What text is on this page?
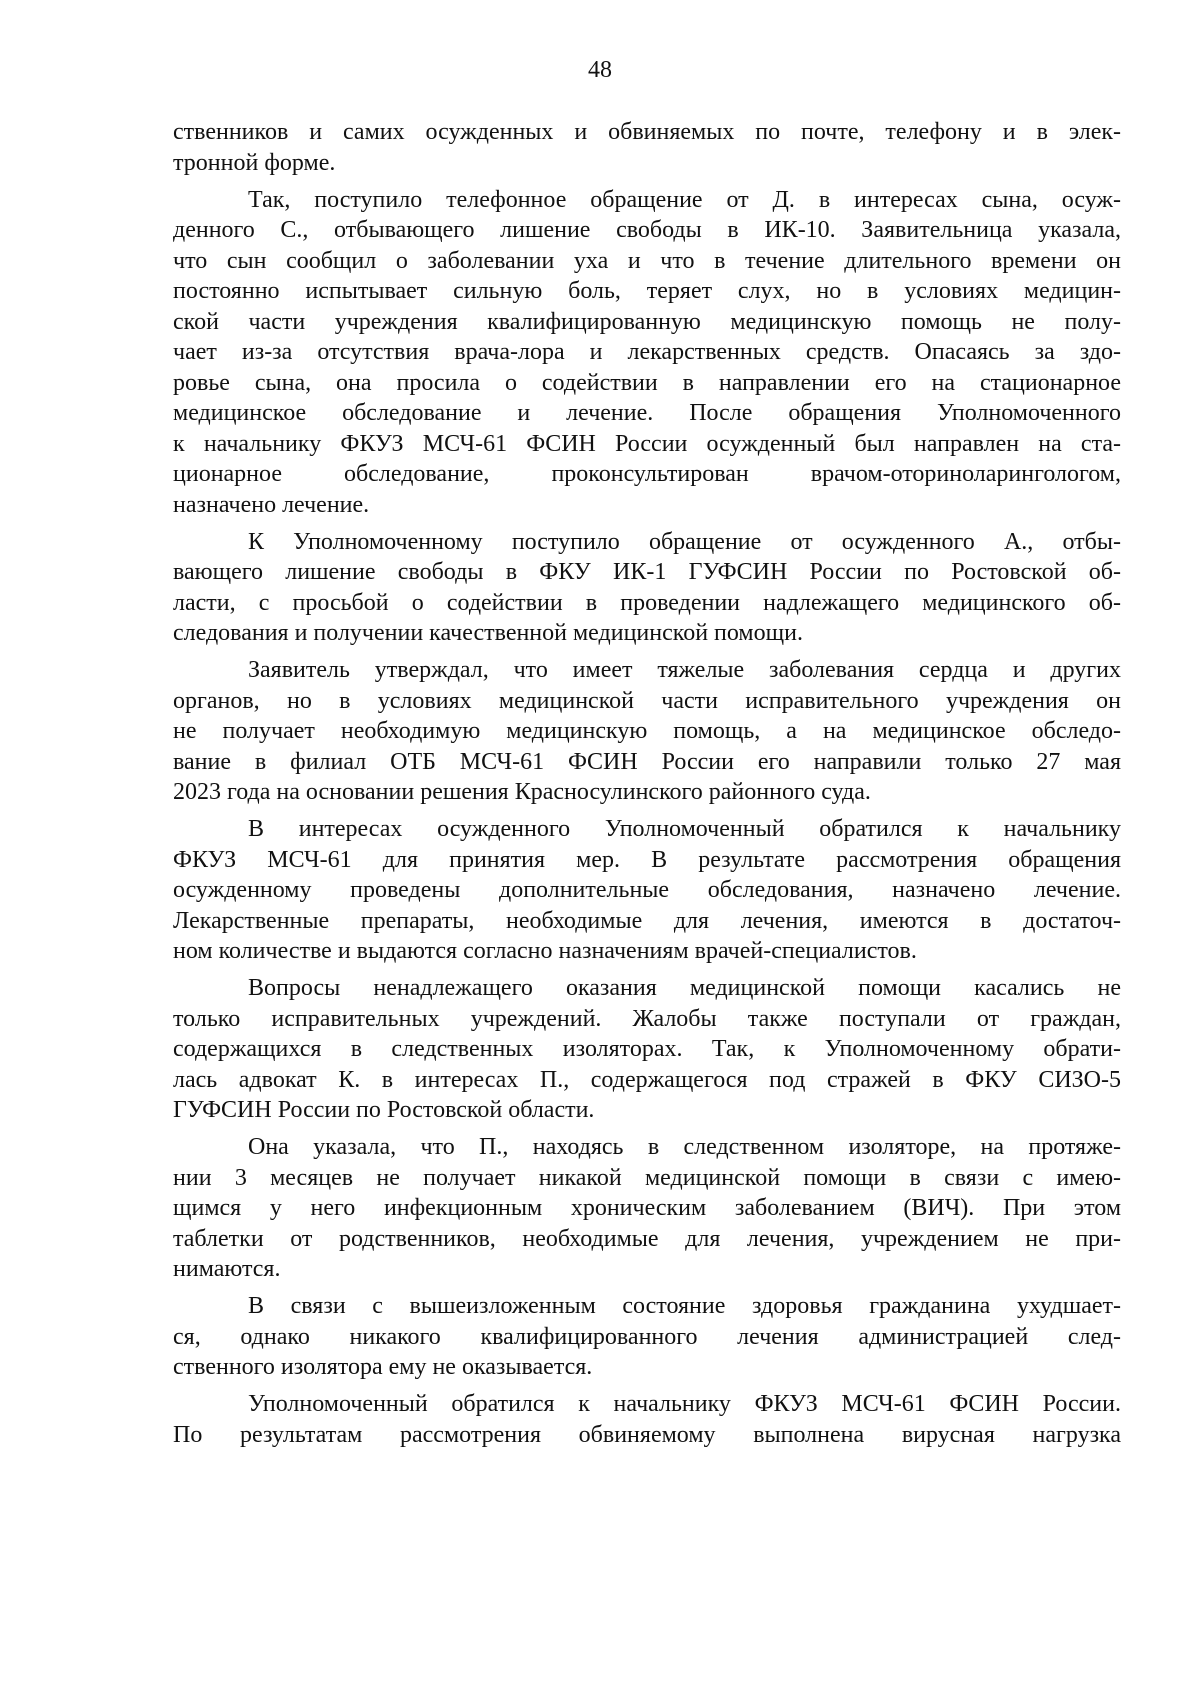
48
ственников и самих осужденных и обвиняемых по почте, телефону и в элек-
тронной форме.
Так, поступило телефонное обращение от Д. в интересах сына, осуж-
денного С., отбывающего лишение свободы в ИК-10. Заявительница указала,
что сын сообщил о заболевании уха и что в течение длительного времени он
постоянно испытывает сильную боль, теряет слух, но в условиях медицин-
ской части учреждения квалифицированную медицинскую помощь не полу-
чает из-за отсутствия врача-лора и лекарственных средств. Опасаясь за здо-
ровье сына, она просила о содействии в направлении его на стационарное
медицинское обследование и лечение. После обращения Уполномоченного
к начальнику ФКУЗ МСЧ-61 ФСИН России осужденный был направлен на ста-
ционарное обследование, проконсультирован врачом-оториноларингологом,
назначено лечение.
К Уполномоченному поступило обращение от осужденного А., отбы-
вающего лишение свободы в ФКУ ИК-1 ГУФСИН России по Ростовской об-
ласти, с просьбой о содействии в проведении надлежащего медицинского об-
следования и получении качественной медицинской помощи.
Заявитель утверждал, что имеет тяжелые заболевания сердца и других
органов, но в условиях медицинской части исправительного учреждения он
не получает необходимую медицинскую помощь, а на медицинское обследо-
вание в филиал ОТБ МСЧ-61 ФСИН России его направили только 27 мая
2023 года на основании решения Красносулинского районного суда.
В интересах осужденного Уполномоченный обратился к начальнику
ФКУЗ МСЧ-61 для принятия мер. В результате рассмотрения обращения
осужденному проведены дополнительные обследования, назначено лечение.
Лекарственные препараты, необходимые для лечения, имеются в достаточ-
ном количестве и выдаются согласно назначениям врачей-специалистов.
Вопросы ненадлежащего оказания медицинской помощи касались не
только исправительных учреждений. Жалобы также поступали от граждан,
содержащихся в следственных изоляторах. Так, к Уполномоченному обрати-
лась адвокат К. в интересах П., содержащегося под стражей в ФКУ СИЗО-5
ГУФСИН России по Ростовской области.
Она указала, что П., находясь в следственном изоляторе, на протяже-
нии 3 месяцев не получает никакой медицинской помощи в связи с имею-
щимся у него инфекционным хроническим заболеванием (ВИЧ). При этом
таблетки от родственников, необходимые для лечения, учреждением не при-
нимаются.
В связи с вышеизложенным состояние здоровья гражданина ухудшает-
ся, однако никакого квалифицированного лечения администрацией след-
ственного изолятора ему не оказывается.
Уполномоченный обратился к начальнику ФКУЗ МСЧ-61 ФСИН России.
По результатам рассмотрения обвиняемому выполнена вирусная нагрузка
